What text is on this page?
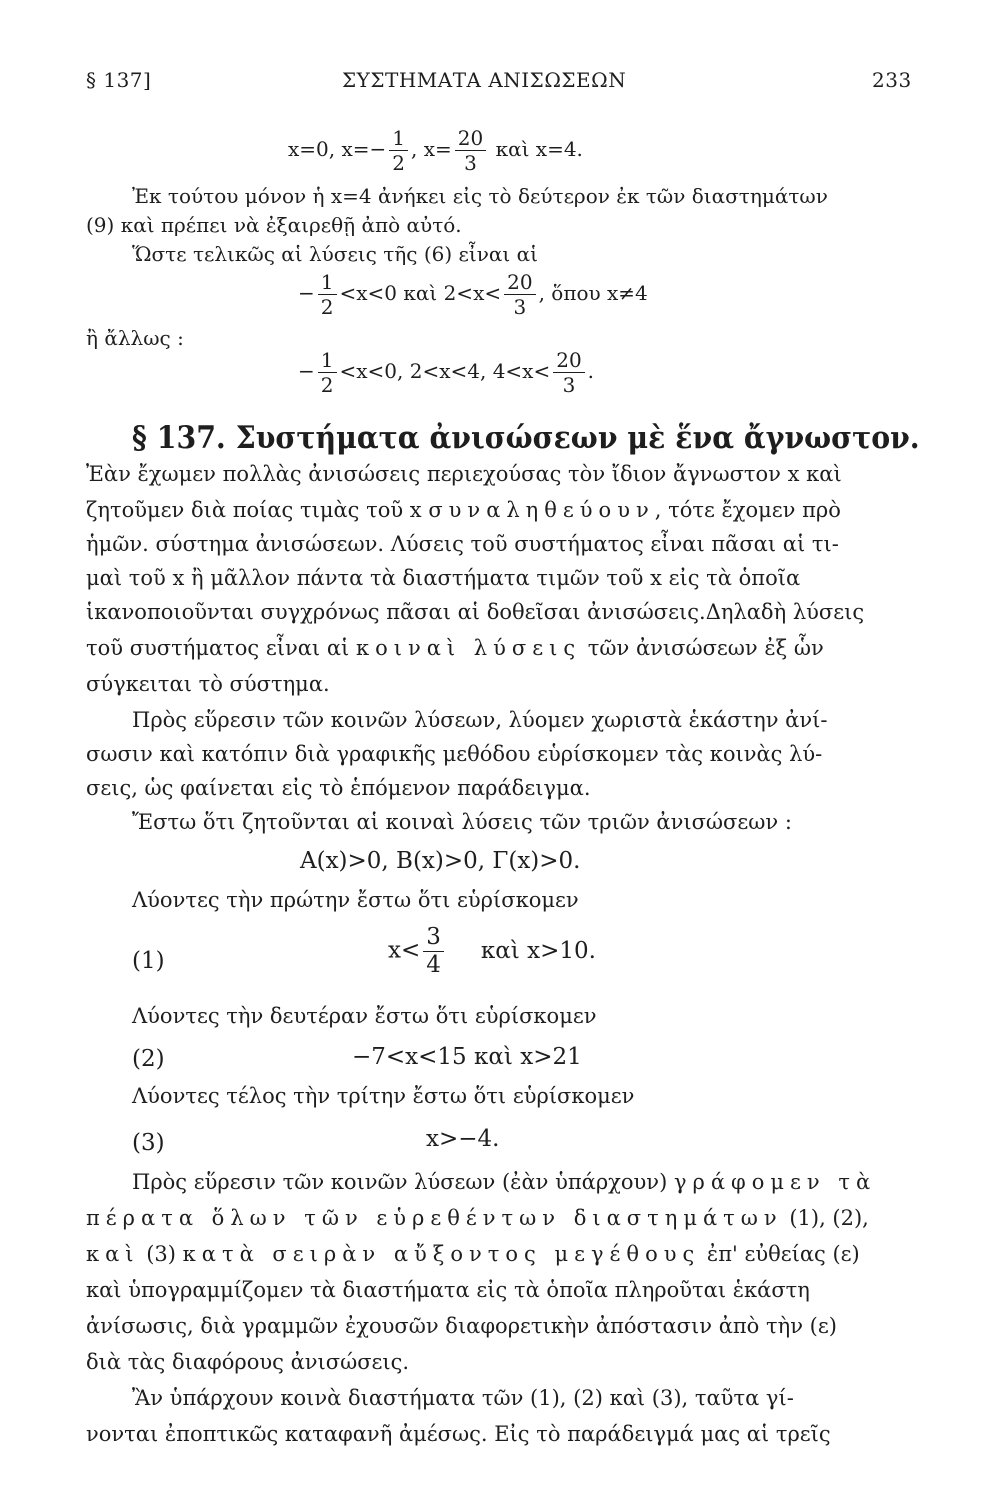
§ 137]	ΣΥΣΤΗΜΑΤΑ ΑΝΙΣΩΣΕΩΝ	233
x=0, $x=- \frac{1}{2}$ , $x= \frac{20}{3}$ καὶ x=4.
Ἐκ τούτου μόνον ἡ x=4 ἀνήκει εἰς τὸ δεύτερον ἐκ τῶν διαστημάτων
(9) καὶ πρέπει νὰ ἐξαιρεθῇ ἀπὸ αὐτό.
Ὥστε τελικῶς αἱ λύσεις τῆς (6) εἶναι αἱ
− $\frac{1}{2} <x<0$ καὶ $2<x< \frac{20}{3}$ , ὅπου x≠4
ἢ ἄλλως :
− $\frac{1}{2} <x<0$, 2<x<4, $4<x< \frac{20}{3}$ .
§ 137. Συστήματα ἀνισώσεων μὲ ἕνα ἄγνωστον.
Ἐὰν ἔχωμεν πολλὰς ἀνισώσεις περιεχούσας τὸν ἴδιον ἄγνωστον x καὶ
ζητοῦμεν διὰ ποίας τιμὰς τοῦ x συναληθεύουν, τότε ἔχομεν πρὸ
ἡμῶν. σύστημα ἀνισώσεων. Λύσεις τοῦ συστήματος εἶναι πᾶσαι αἱ τι-
μαὶ τοῦ x ἢ μᾶλλον πάντα τὰ διαστήματα τιμῶν τοῦ x εἰς τὰ ὁποῖα
ἱκανοποιοῦνται συγχρόνως πᾶσαι αἱ δοθεῖσαι ἀνισώσεις.Δηλαδὴ λύσεις
τοῦ συστήματος εἶναι αἱ κοιναὶ λύσεις τῶν ἀνισώσεων ἐξ ὧν
σύγκειται τὸ σύστημα.
Πρὸς εὕρεσιν τῶν κοινῶν λύσεων, λύομεν χωριστὰ ἑκάστην ἀνί-
σωσιν καὶ κατόπιν διὰ γραφικῆς μεθόδου εὑρίσκομεν τὰς κοινὰς λύ-
σεις, ὡς φαίνεται εἰς τὸ ἑπόμενον παράδειγμα.
Ἔστω ὅτι ζητοῦνται αἱ κοιναὶ λύσεις τῶν τριῶν ἀνισώσεων :
A(x)>0, B(x)>0, Γ(x)>0.
Λύοντες τὴν πρώτην ἔστω ὅτι εὑρίσκομεν
(1)	$x< \frac{3}{4}$ καὶ x>10.
Λύοντες τὴν δευτέραν ἔστω ὅτι εὑρίσκομεν
(2)	−7<x<15 καὶ x>21
Λύοντες τέλος τὴν τρίτην ἔστω ὅτι εὑρίσκομεν
(3)	x>−4.
Πρὸς εὕρεσιν τῶν κοινῶν λύσεων (ἐὰν ὑπάρχουν) γράφομεν τὰ
πέρατα ὅλων τῶν εὑρεθέντων διαστημάτων (1), (2),
καὶ (3) κατὰ σειρὰν αὔξοντος μεγέθους ἐπ' εὐθείας (ε)
καὶ ὑπογραμμίζομεν τὰ διαστήματα εἰς τὰ ὁποῖα πληροῦται ἑκάστη
ἀνίσωσις, διὰ γραμμῶν ἐχουσῶν διαφορετικὴν ἀπόστασιν ἀπὸ τὴν (ε)
διὰ τὰς διαφόρους ἀνισώσεις.
Ἂν ὑπάρχουν κοινὰ διαστήματα τῶν (1), (2) καὶ (3), ταῦτα γί-
νονται ἐποπτικῶς καταφανῆ ἀμέσως. Εἰς τὸ παράδειγμά μας αἱ τρεῖς
